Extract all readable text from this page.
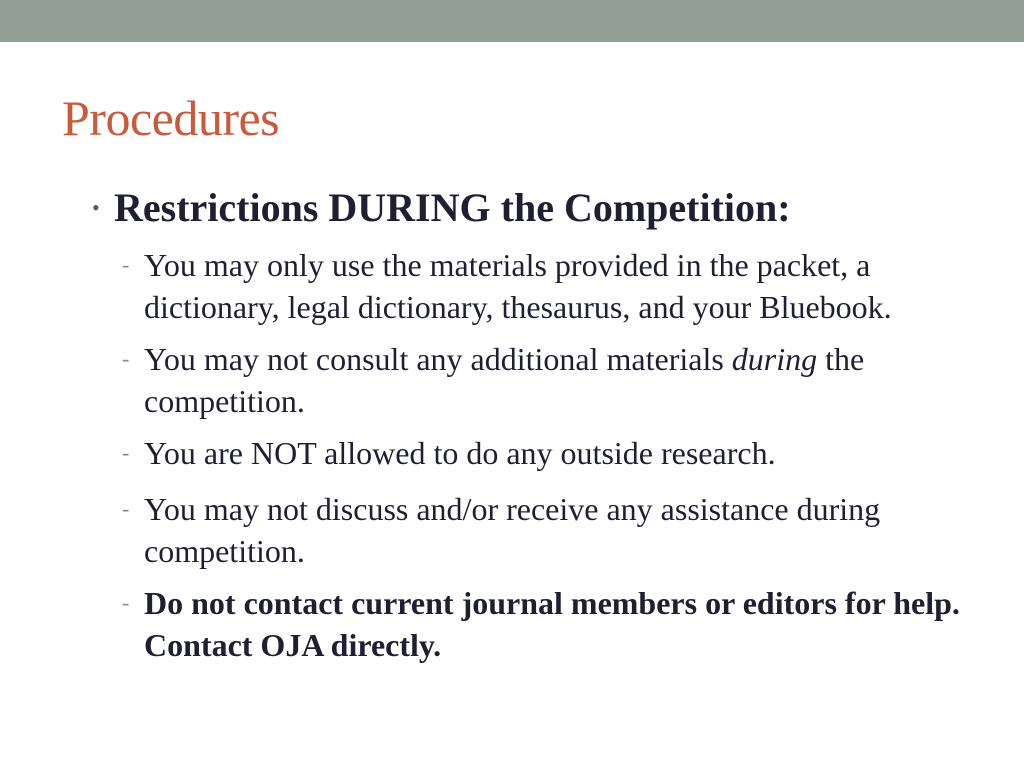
Procedures
• Restrictions DURING the Competition:
- You may only use the materials provided in the packet, a dictionary, legal dictionary, thesaurus, and your Bluebook.
- You may not consult any additional materials during the competition.
- You are NOT allowed to do any outside research.
- You may not discuss and/or receive any assistance during competition.
- Do not contact current journal members or editors for help. Contact OJA directly.
